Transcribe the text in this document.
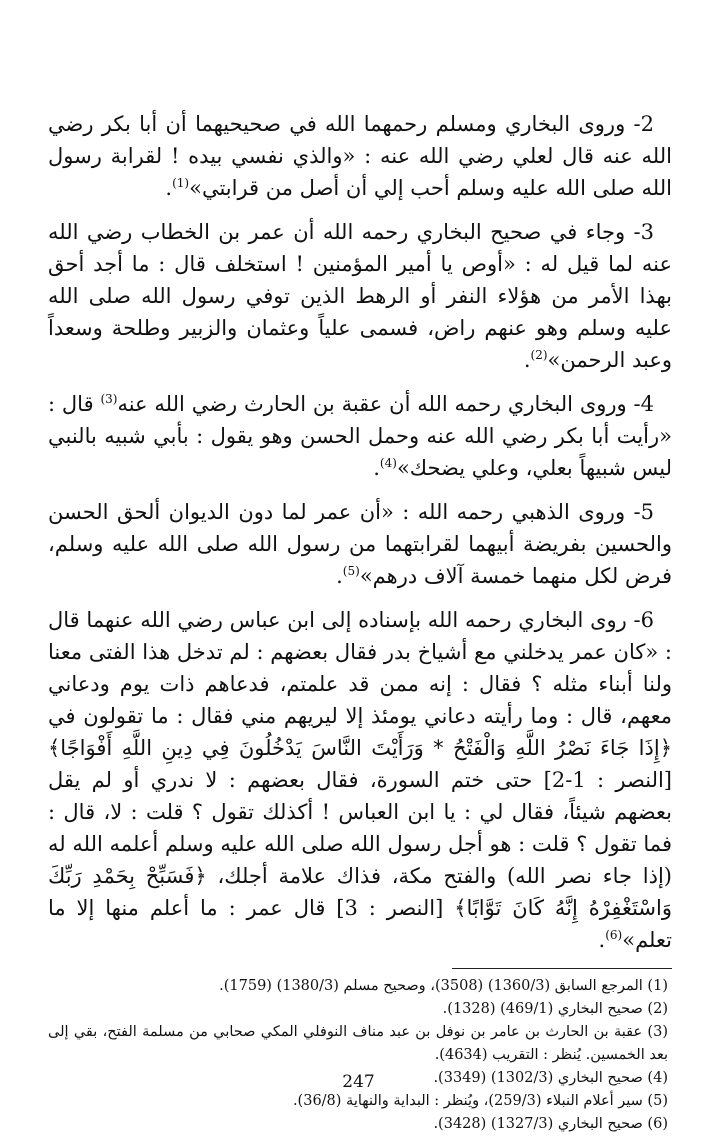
2- وروى البخاري ومسلم رحمهما الله في صحيحيهما أن أبا بكر رضي الله عنه قال لعلي رضي الله عنه : «والذي نفسي بيده ! لقرابة رسول الله صلى الله عليه وسلم أحب إلي أن أصل من قرابتي»$^{(1)}$.

3- وجاء في صحيح البخاري رحمه الله أن عمر بن الخطاب رضي الله عنه لما قيل له : «أوص يا أمير المؤمنين ! استخلف قال : ما أجد أحق بهذا الأمر من هؤلاء النفر أو الرهط الذين توفي رسول الله صلى الله عليه وسلم وهو عنهم راض، فسمى علياً وعثمان والزبير وطلحة وسعداً وعبد الرحمن»$^{(2)}$.

4- وروى البخاري رحمه الله أن عقبة بن الحارث رضي الله عنه$^{(3)}$ قال : «رأيت أبا بكر رضي الله عنه وحمل الحسن وهو يقول : بأبي شبيه بالنبي ليس شبيهاً بعلي، وعلي يضحك»$^{(4)}$.

5- وروى الذهبي رحمه الله : «أن عمر لما دون الديوان ألحق الحسن والحسين بفريضة أبيهما لقرابتهما من رسول الله صلى الله عليه وسلم، فرض لكل منهما خمسة آلاف درهم»$^{(5)}$.

6- روى البخاري رحمه الله بإسناده إلى ابن عباس رضي الله عنهما قال : «كان عمر يدخلني مع أشياخ بدر فقال بعضهم : لم تدخل هذا الفتى معنا ولنا أبناء مثله ؟ فقال : إنه ممن قد علمتم، فدعاهم ذات يوم ودعاني معهم، قال : وما رأيته دعاني يومئذ إلا ليريهم مني فقال : ما تقولون في ﴿إِذَا جَاءَ نَصْرُ اللَّهِ وَالْفَتْحُ * وَرَأَيْتَ النَّاسَ يَدْخُلُونَ فِي دِينِ اللَّهِ أَفْوَاجًا﴾ [النصر : 1-2] حتى ختم السورة، فقال بعضهم : لا ندري أو لم يقل بعضهم شيئاً، فقال لي : يا ابن العباس ! أكذلك تقول ؟ قلت : لا، قال : فما تقول ؟ قلت : هو أجل رسول الله صلى الله عليه وسلم أعلمه الله له (إذا جاء نصر الله) والفتح مكة، فذاك علامة أجلك، ﴿فَسَبِّحْ بِحَمْدِ رَبِّكَ وَاسْتَغْفِرْهُ إِنَّهُ كَانَ تَوَّابًا﴾ [النصر : 3] قال عمر : ما أعلم منها إلا ما تعلم»$^{(6)}$.

(1) المرجع السابق (1360/3) (3508)، وصحيح مسلم (1380/3) (1759).
(2) صحيح البخاري (469/1) (1328).
(3) عقبة بن الحارث بن عامر بن نوفل بن عبد مناف النوفلي المكي صحابي من مسلمة الفتح، بقي إلى بعد الخمسين. يُنظر : التقريب (4634).
(4) صحيح البخاري (1302/3) (3349).
(5) سير أعلام النبلاء (259/3)، ويُنظر : البداية والنهاية (36/8).
(6) صحيح البخاري (1327/3) (3428).
247
